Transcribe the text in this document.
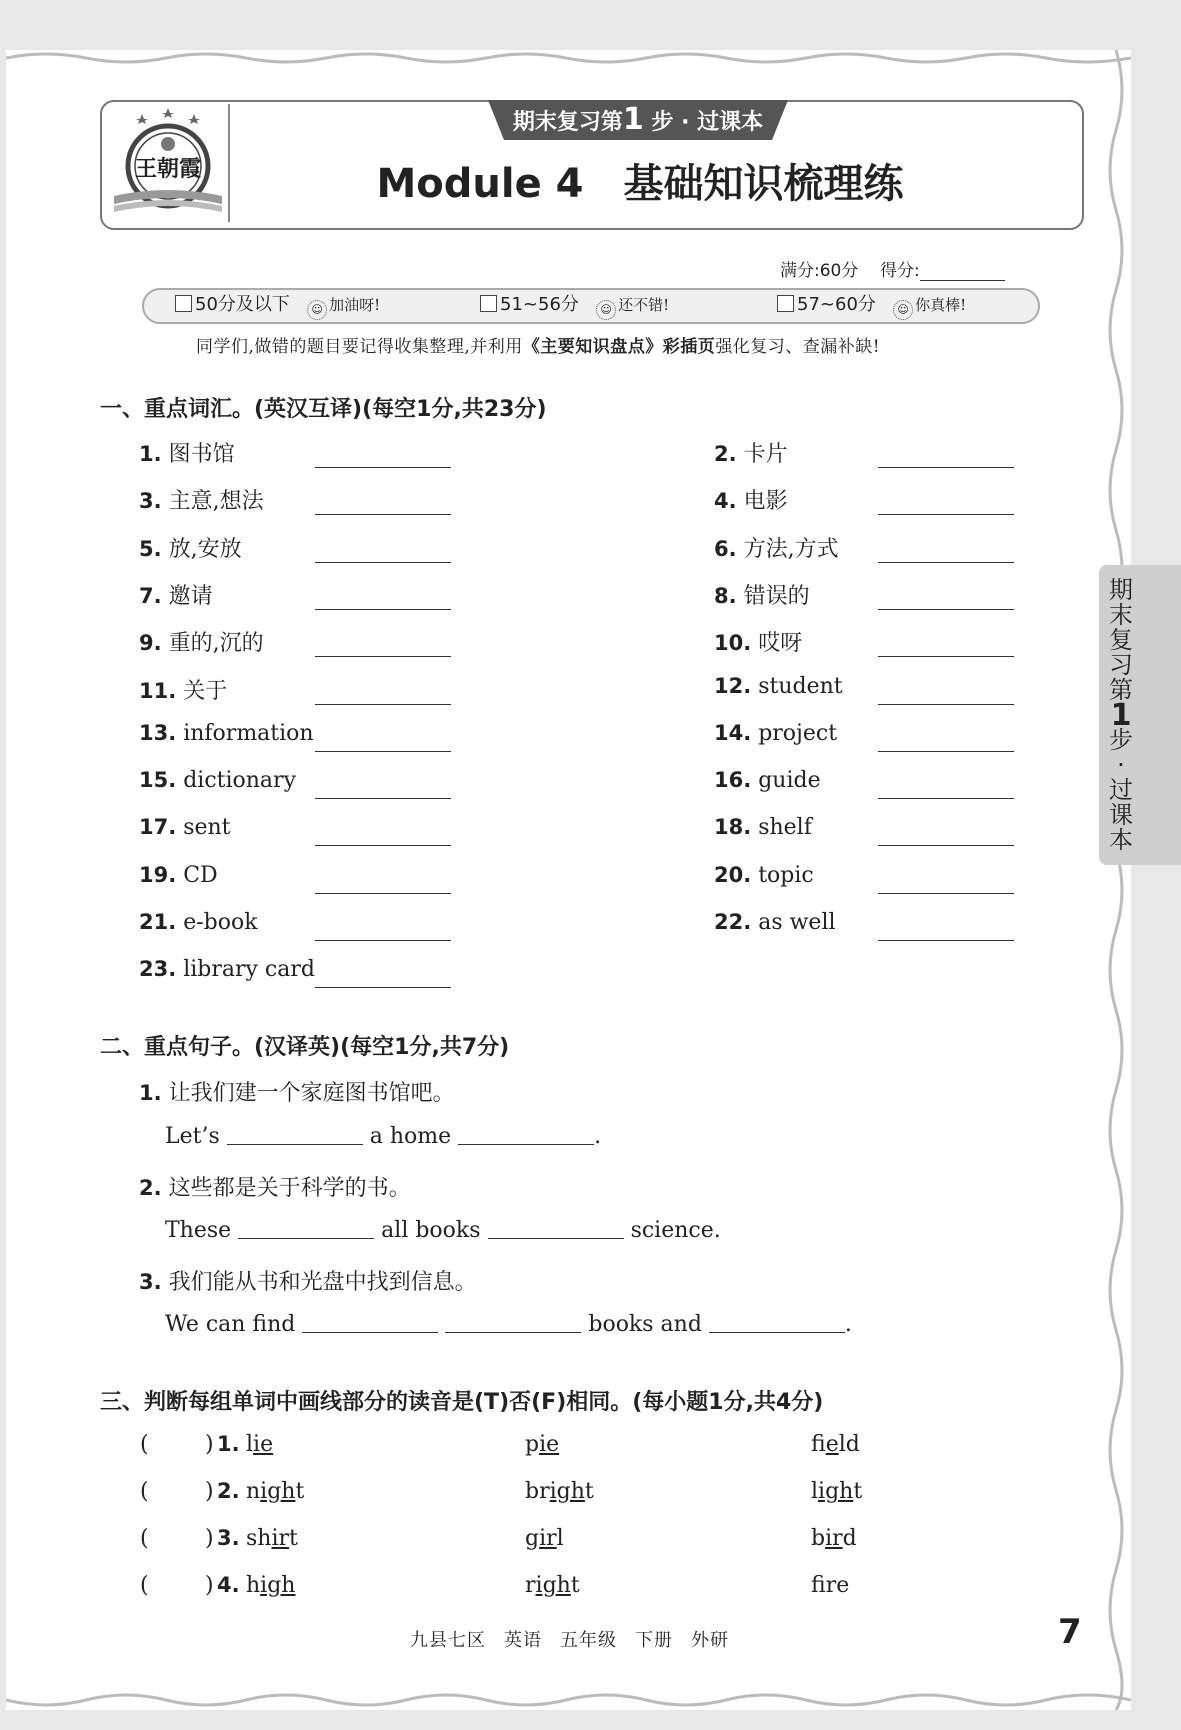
王朝霞
期末复习第1 步 · 过课本
Module 4　基础知识梳理练
满分:60分 得分:
50分及以下 ☺ 加油呀!	51~56分 ☺ 还不错!	57~60分 ☺ 你真棒!
同学们,做错的题目要记得收集整理,并利用《主要知识盘点》彩插页强化复习、查漏补缺!
一、重点词汇。(英汉互译)(每空1分,共23分)
1. 图书馆	2. 卡片
3. 主意,想法	4. 电影
5. 放,安放	6. 方法,方式
7. 邀请	8. 错误的
9. 重的,沉的	10. 哎呀
11. 关于	12. student
13. information	14. project
15. dictionary	16. guide
17. sent	18. shelf
19. CD	20. topic
21. e-book	22. as well
23. library card
二、重点句子。(汉译英)(每空1分,共7分)
1. 让我们建一个家庭图书馆吧。
Let’s	a home	.
2. 这些都是关于科学的书。
These	all books	science.
3. 我们能从书和光盘中找到信息。
We can find	books and	.
三、判断每组单词中画线部分的读音是(T)否(F)相同。(每小题1分,共4分)
(	) 1. lie	pie	field
(	) 2. night	bright	light
(	) 3. shirt	girl	bird
(	) 4. high	right	fre
期
末
复
习
第
1
步
·
过
课
本
九县七区 英语 五年级 下册 外研	7
